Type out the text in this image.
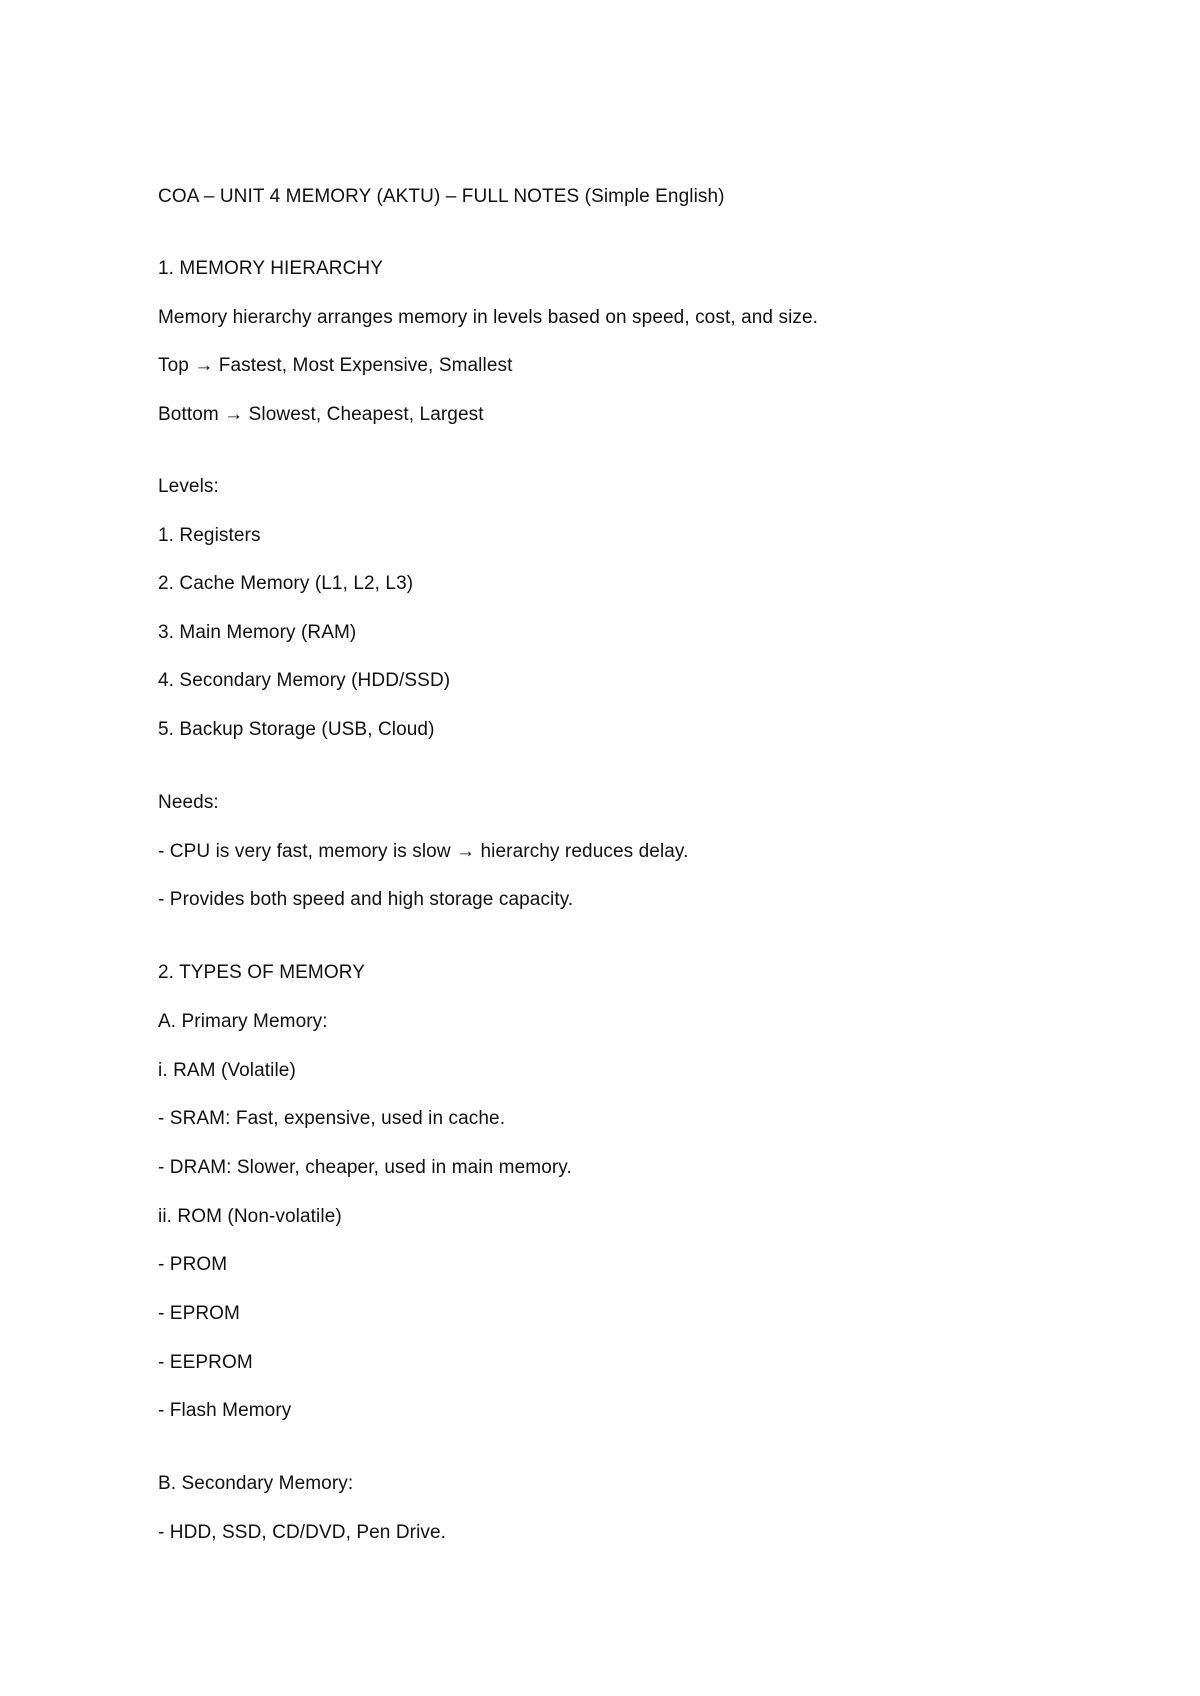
COA – UNIT 4 MEMORY (AKTU) – FULL NOTES (Simple English)
1. MEMORY HIERARCHY
Memory hierarchy arranges memory in levels based on speed, cost, and size.
Top → Fastest, Most Expensive, Smallest
Bottom → Slowest, Cheapest, Largest
Levels:
1. Registers
2. Cache Memory (L1, L2, L3)
3. Main Memory (RAM)
4. Secondary Memory (HDD/SSD)
5. Backup Storage (USB, Cloud)
Needs:
- CPU is very fast, memory is slow → hierarchy reduces delay.
- Provides both speed and high storage capacity.
2. TYPES OF MEMORY
A. Primary Memory:
i. RAM (Volatile)
- SRAM: Fast, expensive, used in cache.
- DRAM: Slower, cheaper, used in main memory.
ii. ROM (Non-volatile)
- PROM
- EPROM
- EEPROM
- Flash Memory
B. Secondary Memory:
- HDD, SSD, CD/DVD, Pen Drive.
